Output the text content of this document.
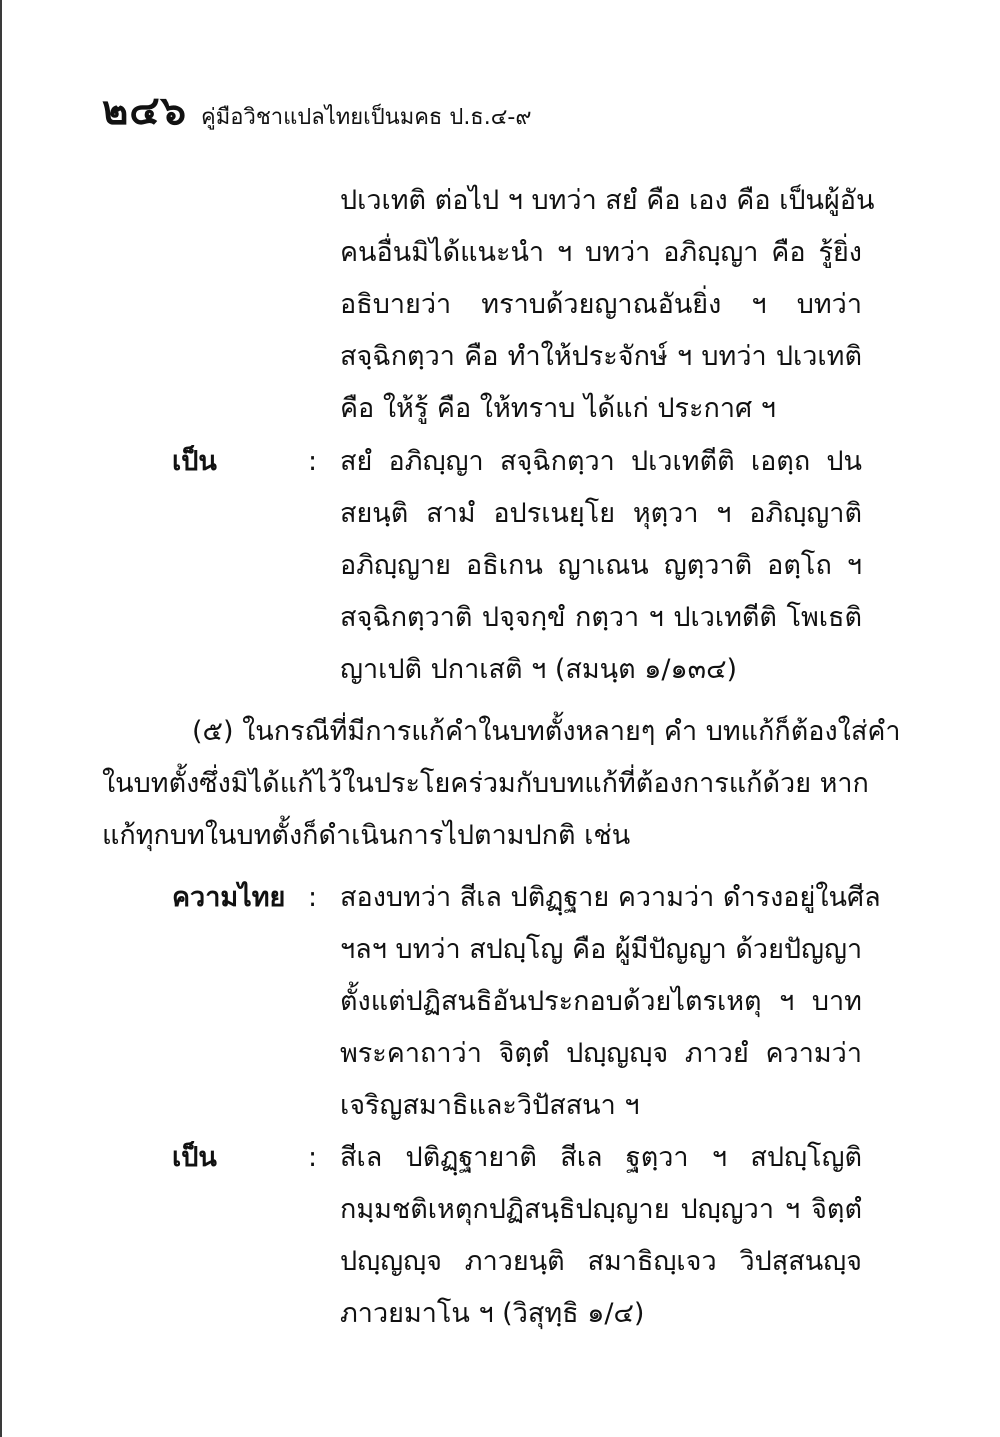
๒๔๖ คู่มือวิชาแปลไทยเป็นมคธ ป.ธ.๔-๙
ปเวเทติ ต่อไป ฯ บทว่า สยํ คือ เอง คือ เป็นผู้อัน
คนอื่นมิได้แนะนำ ฯ บทว่า อภิญฺญา คือ รู้ยิ่ง
อธิบายว่า ทราบด้วยญาณอันยิ่ง ฯ บทว่า
สจฺฉิกตฺวา คือ ทำให้ประจักษ์ ฯ บทว่า ปเวเทติ
คือ ให้รู้ คือ ให้ทราบ ได้แก่ ประกาศ ฯ
เป็น	: สยํ อภิญฺญา สจฺฉิกตฺวา ปเวเทตีติ เอตฺถ ปน
สยนฺติ สามํ อปรเนยฺโย หุตฺวา ฯ อภิญฺญาติ
อภิญฺญาย อธิเกน ญาเณน ญตฺวาติ อตฺโถ ฯ
สจฺฉิกตฺวาติ ปจฺจกฺขํ กตฺวา ฯ ปเวเทตีติ โพเธติ
ญาเปติ ปกาเสติ ฯ (สมนฺต ๑/๑๓๔)
(๕) ในกรณีที่มีการแก้คำในบทตั้งหลายๆ คำ บทแก้ก็ต้องใส่คำ
ในบทตั้งซึ่งมิได้แก้ไว้ในประโยคร่วมกับบทแก้ที่ต้องการแก้ด้วย หาก
แก้ทุกบทในบทตั้งก็ดำเนินการไปตามปกติ เช่น
ความไทย : สองบทว่า สีเล ปติฏฺฐาย ความว่า ดำรงอยู่ในศีล
ฯลฯ บทว่า สปญฺโญ คือ ผู้มีปัญญา ด้วยปัญญา
ตั้งแต่ปฏิสนธิอันประกอบด้วยไตรเหตุ ฯ บาท
พระคาถาว่า จิตฺตํ ปญฺญญฺจ ภาวยํ ความว่า
เจริญสมาธิและวิปัสสนา ฯ
เป็น	: สีเล ปติฏฺฐายาติ สีเล ฐตฺวา ฯ สปญฺโญติ
กมฺมชติเหตุกปฏิสนฺธิปญฺญาย ปญฺญวา ฯ จิตฺตํ
ปญฺญญฺจ ภาวยนฺติ สมาธิญฺเจว วิปสฺสนญฺจ
ภาวยมาโน ฯ (วิสุทฺธิ ๑/๔)
